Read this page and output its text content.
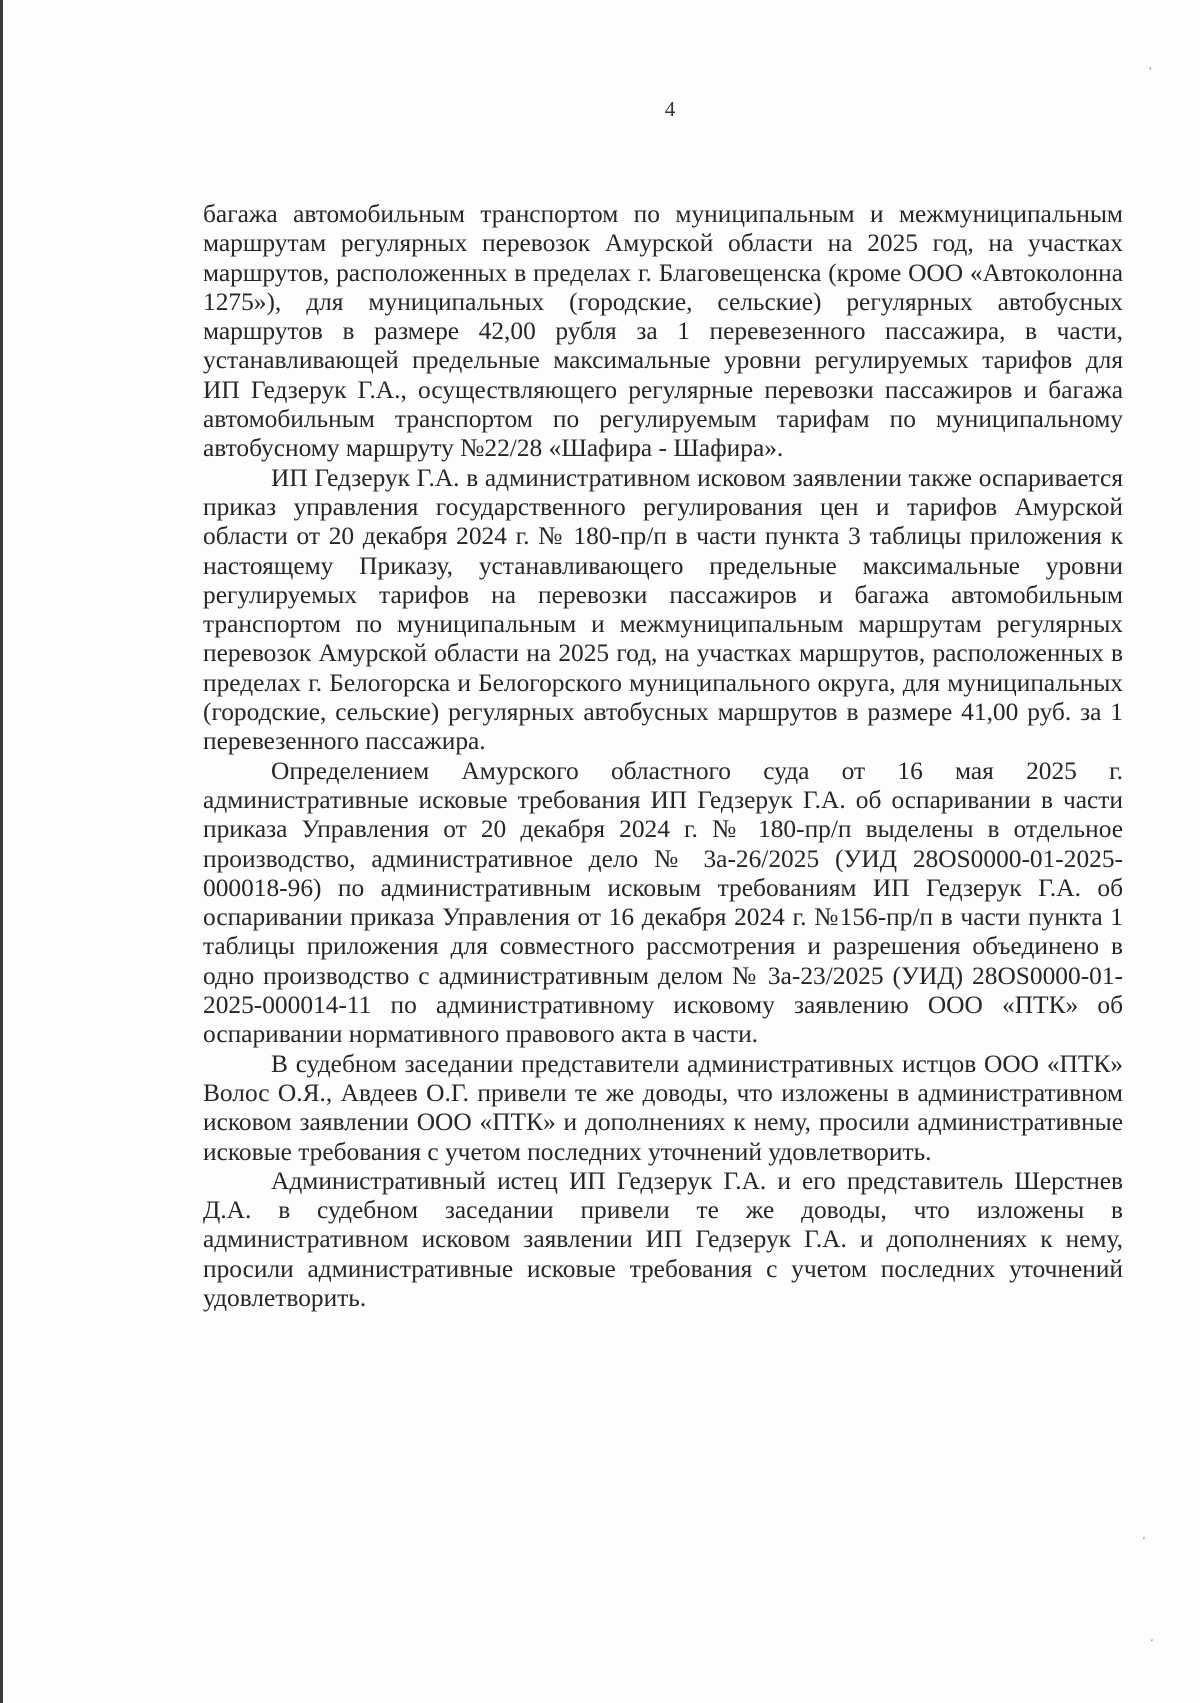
4

багажа автомобильным транспортом по муниципальным и межмуниципальным маршрутам регулярных перевозок Амурской области на 2025 год, на участках маршрутов, расположенных в пределах г. Благовещенска (кроме ООО «Автоколонна 1275»), для муниципальных (городские, сельские) регулярных автобусных маршрутов в размере 42,00 рубля за 1 перевезенного пассажира, в части, устанавливающей предельные максимальные уровни регулируемых тарифов для ИП Гедзерук Г.А., осуществляющего регулярные перевозки пассажиров и багажа автомобильным транспортом по регулируемым тарифам по муниципальному автобусному маршруту №22/28 «Шафира - Шафира».

ИП Гедзерук Г.А. в административном исковом заявлении также оспаривается приказ управления государственного регулирования цен и тарифов Амурской области от 20 декабря 2024 г. № 180-пр/п в части пункта 3 таблицы приложения к настоящему Приказу, устанавливающего предельные максимальные уровни регулируемых тарифов на перевозки пассажиров и багажа автомобильным транспортом по муниципальным и межмуниципальным маршрутам регулярных перевозок Амурской области на 2025 год, на участках маршрутов, расположенных в пределах г. Белогорска и Белогорского муниципального округа, для муниципальных (городские, сельские) регулярных автобусных маршрутов в размере 41,00 руб. за 1 перевезенного пассажира.

Определением Амурского областного суда от 16 мая 2025 г. административные исковые требования ИП Гедзерук Г.А. об оспаривании в части приказа Управления от 20 декабря 2024 г. № 180-пр/п выделены в отдельное производство, административное дело № 3а-26/2025 (УИД 28OS0000-01-2025-000018-96) по административным исковым требованиям ИП Гедзерук Г.А. об оспаривании приказа Управления от 16 декабря 2024 г. №156-пр/п в части пункта 1 таблицы приложения для совместного рассмотрения и разрешения объединено в одно производство с административным делом № 3а-23/2025 (УИД) 28OS0000-01-2025-000014-11 по административному исковому заявлению ООО «ПТК» об оспаривании нормативного правового акта в части.

В судебном заседании представители административных истцов ООО «ПТК» Волос О.Я., Авдеев О.Г. привели те же доводы, что изложены в административном исковом заявлении ООО «ПТК» и дополнениях к нему, просили административные исковые требования с учетом последних уточнений удовлетворить.

Административный истец ИП Гедзерук Г.А. и его представитель Шерстнев Д.А. в судебном заседании привели те же доводы, что изложены в административном исковом заявлении ИП Гедзерук Г.А. и дополнениях к нему, просили административные исковые требования с учетом последних уточнений удовлетворить.

ˏ
˯
˯
